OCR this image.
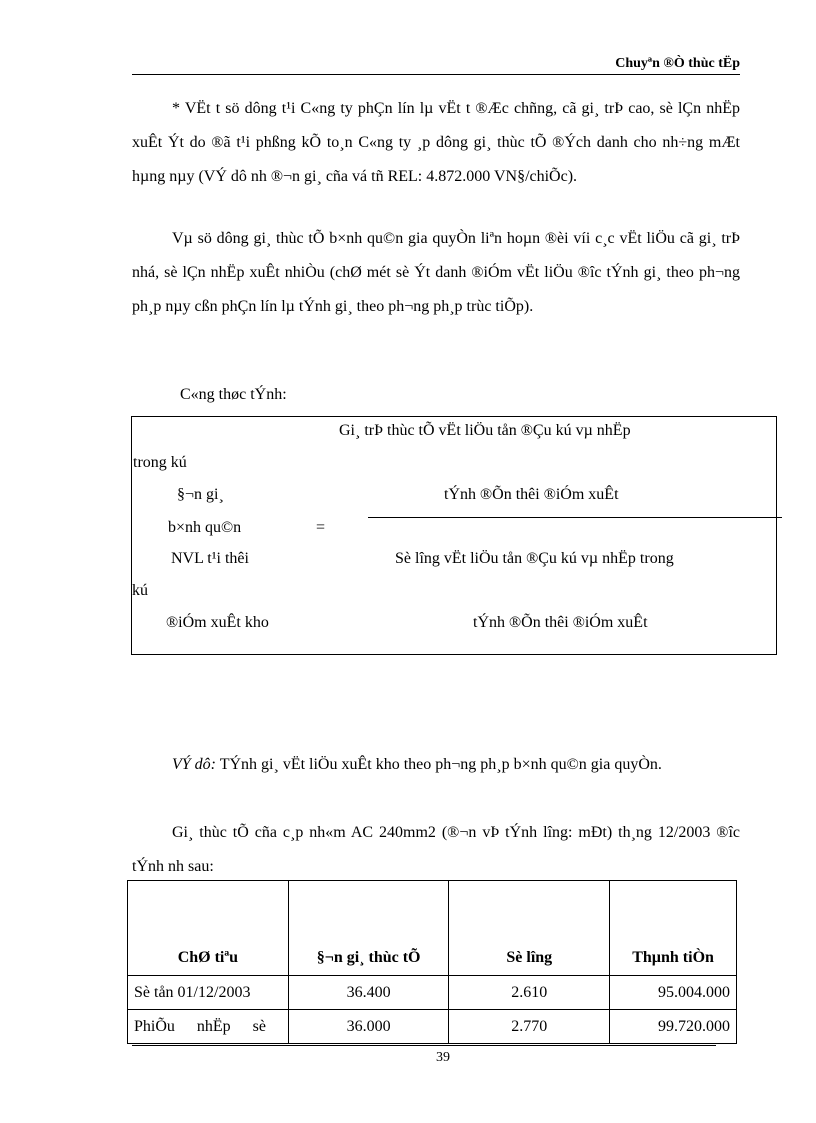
Chuyªn ®Ò thùc tËp

* VËt t sö dông t¹i C«ng ty phÇn lín lµ vËt t ®Æc chñng, cã gi¸ trÞ cao, sè lÇn nhËp xuÊt Ýt do ®ã t¹i phßng kÕ to¸n C«ng ty ¸p dông gi¸ thùc tÕ ®Ých danh cho nh÷ng mÆt hµng nµy (VÝ dô nh ®¬n gi¸ cña vá tñ REL: 4.872.000 VN§/chiÕc).

Vµ sö dông gi¸ thùc tÕ b×nh qu©n gia quyÒn liªn hoµn ®èi víi c¸c vËt liÖu cã gi¸ trÞ nhá, sè lÇn nhËp xuÊt nhiÒu (chØ mét sè Ýt danh ®iÓm vËt liÖu ®îc tÝnh gi¸ theo ph¬ng ph¸p nµy cßn phÇn lín lµ tÝnh gi¸ theo ph¬ng ph¸p trùc tiÕp).

C«ng thøc tÝnh:
Gi¸ trÞ thùc tÕ vËt liÖu tån ®Çu kú vµ nhËp
trong kú
§¬n gi¸	tÝnh ®Õn thêi ®iÓm xuÊt
b×nh qu©n	=
NVL t¹i thêi	Sè lîng vËt liÖu tån ®Çu kú vµ nhËp trong
kú
®iÓm xuÊt kho	tÝnh ®Õn thêi ®iÓm xuÊt

VÝ dô: TÝnh gi¸ vËt liÖu xuÊt kho theo ph¬ng ph¸p b×nh qu©n gia quyÒn.

Gi¸ thùc tÕ cña c¸p nh«m AC 240mm2 (®¬n vÞ tÝnh lîng: mÐt) th¸ng 12/2003 ®îc tÝnh nh sau:

ChØ tiªu	§¬n gi¸ thùc tÕ	Sè lîng	Thµnh tiÒn
Sè tån 01/12/2003	36.400	2.610	95.004.000
PhiÕu nhËp sè	36.000	2.770	99.720.000
39
